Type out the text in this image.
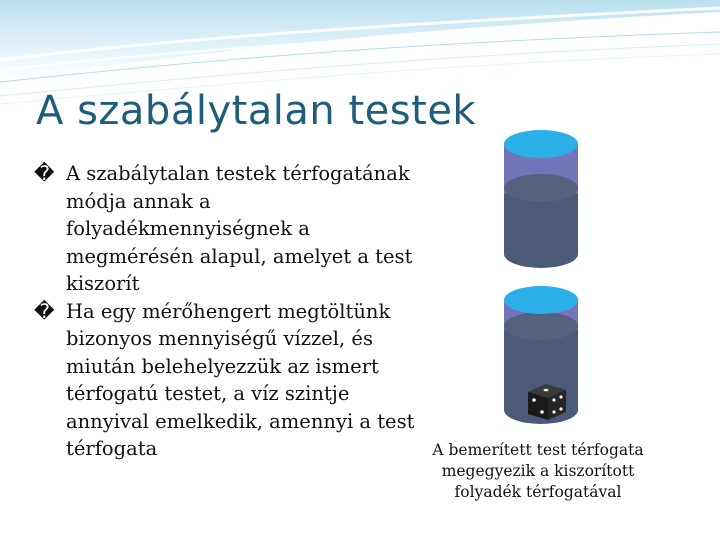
A szabálytalan testek
� A szabálytalan testek térfogatának módja annak a folyadékmennyiségnek a megmérésén alapul, amelyet a test kiszorít
� Ha egy mérőhengert megtöltünk bizonyos mennyiségű vízzel, és miután belehelyezzük az ismert térfogatú testet, a víz szintje annyival emelkedik, amennyi a test térfogata	A bemerített test térfogata megegyezik a kiszorított folyadék térfogatával
